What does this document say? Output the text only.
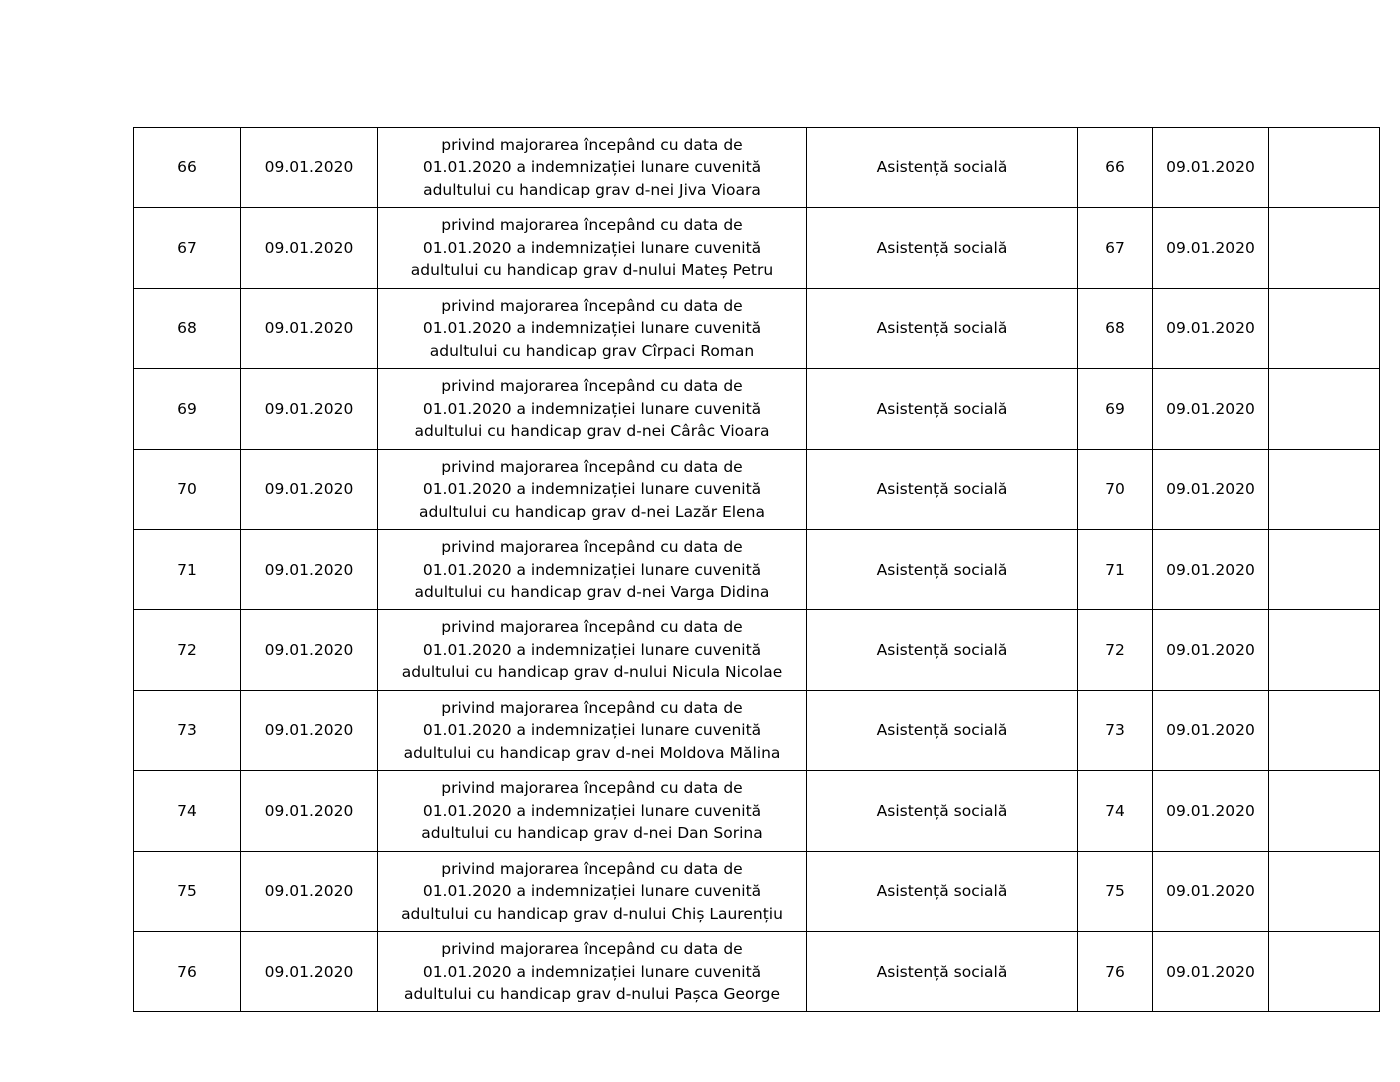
66	09.01.2020	privind majorarea începând cu data de
01.01.2020 a indemnizației lunare cuvenită
adultului cu handicap grav d-nei Jiva Vioara	Asistență socială	66	09.01.2020	
67	09.01.2020	privind majorarea începând cu data de
01.01.2020 a indemnizației lunare cuvenită
adultului cu handicap grav d-nului Mateș Petru	Asistență socială	67	09.01.2020	
68	09.01.2020	privind majorarea începând cu data de
01.01.2020 a indemnizației lunare cuvenită
adultului cu handicap grav Cîrpaci Roman	Asistență socială	68	09.01.2020	
69	09.01.2020	privind majorarea începând cu data de
01.01.2020 a indemnizației lunare cuvenită
adultului cu handicap grav d-nei Cârâc Vioara	Asistență socială	69	09.01.2020	
70	09.01.2020	privind majorarea începând cu data de
01.01.2020 a indemnizației lunare cuvenită
adultului cu handicap grav d-nei Lazăr Elena	Asistență socială	70	09.01.2020	
71	09.01.2020	privind majorarea începând cu data de
01.01.2020 a indemnizației lunare cuvenită
adultului cu handicap grav d-nei Varga Didina	Asistență socială	71	09.01.2020	
72	09.01.2020	privind majorarea începând cu data de
01.01.2020 a indemnizației lunare cuvenită
adultului cu handicap grav d-nului Nicula Nicolae	Asistență socială	72	09.01.2020	
73	09.01.2020	privind majorarea începând cu data de
01.01.2020 a indemnizației lunare cuvenită
adultului cu handicap grav d-nei Moldova Mălina	Asistență socială	73	09.01.2020	
74	09.01.2020	privind majorarea începând cu data de
01.01.2020 a indemnizației lunare cuvenită
adultului cu handicap grav d-nei Dan Sorina	Asistență socială	74	09.01.2020	
75	09.01.2020	privind majorarea începând cu data de
01.01.2020 a indemnizației lunare cuvenită
adultului cu handicap grav d-nului Chiș Laurențiu	Asistență socială	75	09.01.2020	
76	09.01.2020	privind majorarea începând cu data de
01.01.2020 a indemnizației lunare cuvenită
adultului cu handicap grav d-nului Pașca George	Asistență socială	76	09.01.2020	
